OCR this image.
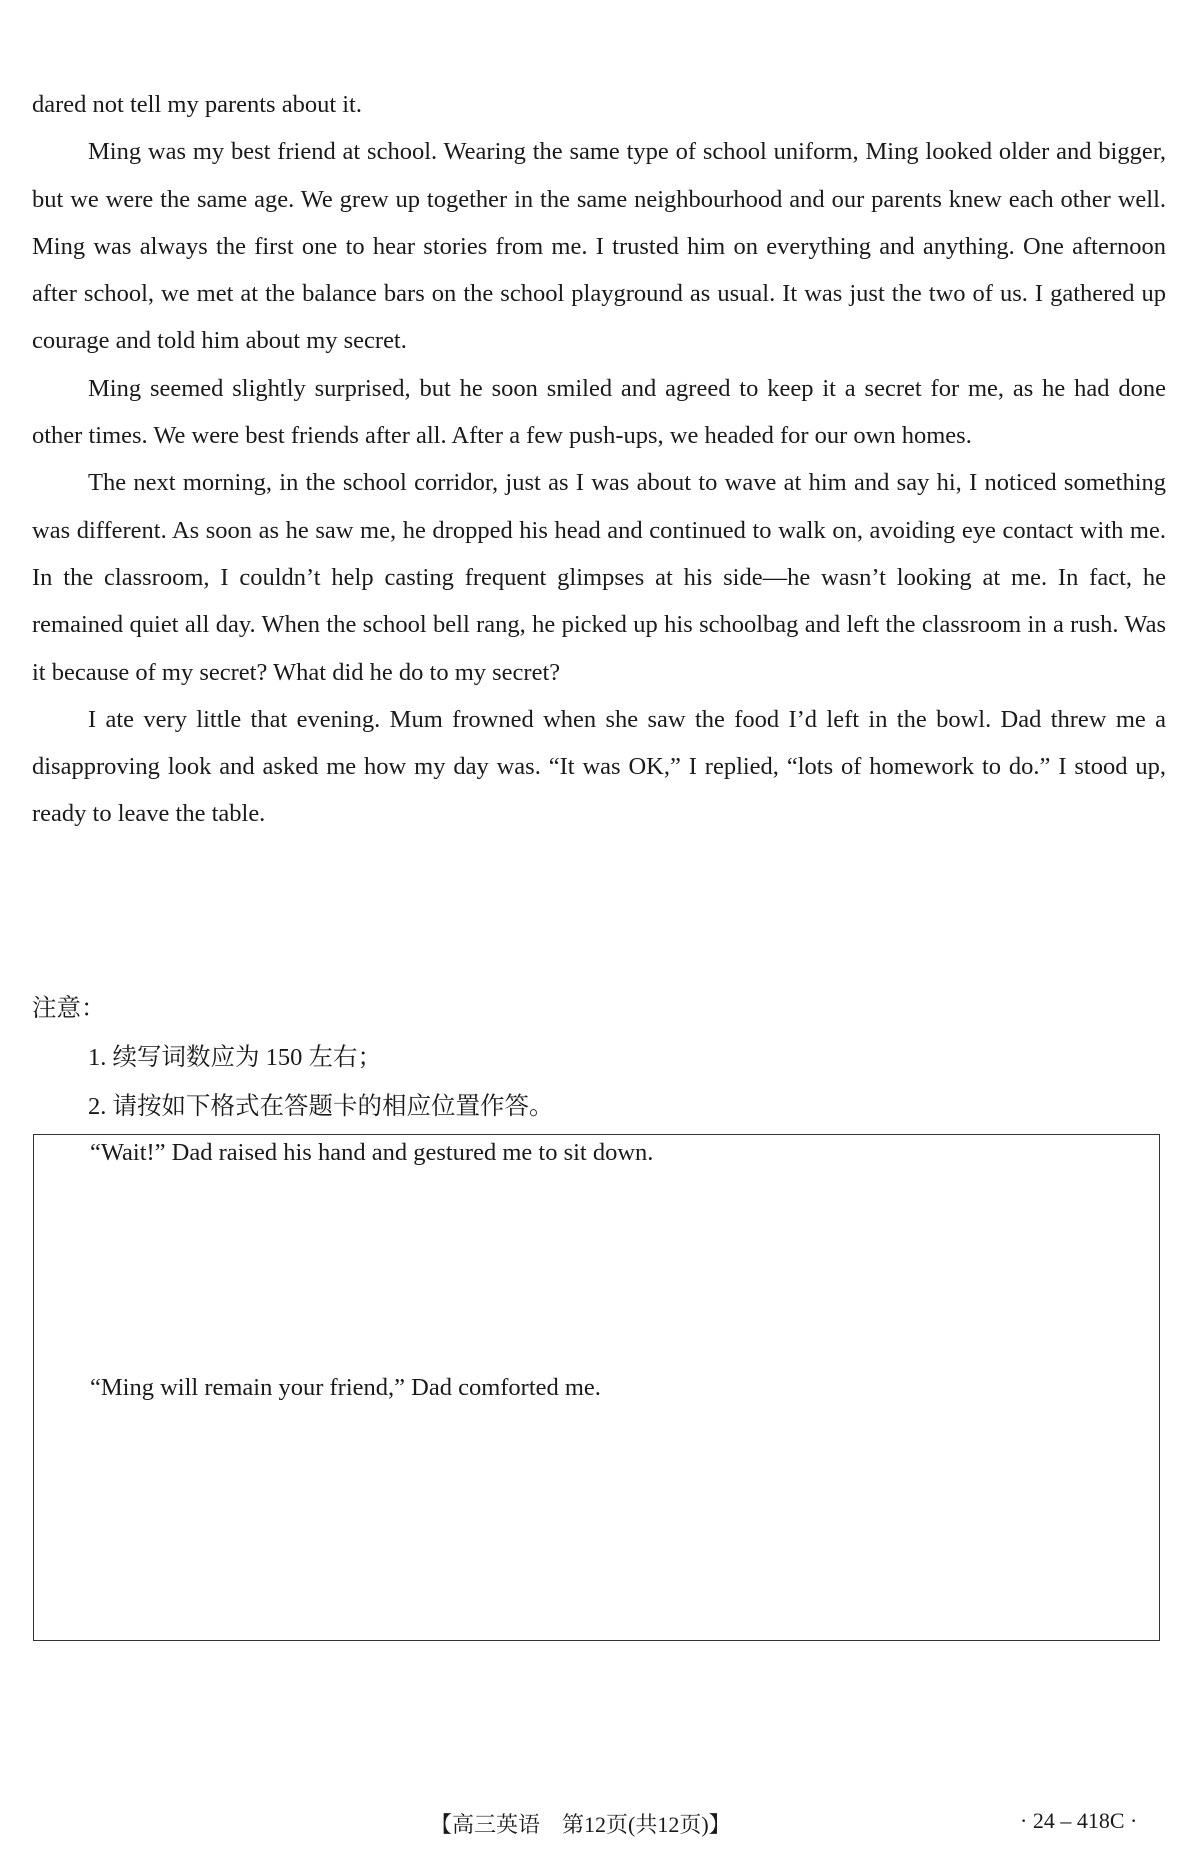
dared not tell my parents about it.

Ming was my best friend at school. Wearing the same type of school uniform, Ming looked older and bigger, but we were the same age. We grew up together in the same neighbourhood and our parents knew each other well. Ming was always the first one to hear stories from me. I trusted him on everything and anything. One afternoon after school, we met at the balance bars on the school playground as usual. It was just the two of us. I gathered up courage and told him about my secret.

Ming seemed slightly surprised, but he soon smiled and agreed to keep it a secret for me, as he had done other times. We were best friends after all. After a few push-ups, we headed for our own homes.

The next morning, in the school corridor, just as I was about to wave at him and say hi, I noticed something was different. As soon as he saw me, he dropped his head and continued to walk on, avoiding eye contact with me. In the classroom, I couldn’t help casting frequent glimpses at his side—he wasn’t looking at me. In fact, he remained quiet all day. When the school bell rang, he picked up his schoolbag and left the classroom in a rush. Was it because of my secret? What did he do to my secret?

I ate very little that evening. Mum frowned when she saw the food I’d left in the bowl. Dad threw me a disapproving look and asked me how my day was. “It was OK,” I replied, “lots of homework to do.” I stood up, ready to leave the table.

注意：
1. 续写词数应为 150 左右；
2. 请按如下格式在答题卡的相应位置作答。
“Wait!” Dad raised his hand and gestured me to sit down.
“Ming will remain your friend,” Dad comforted me.
【高三英语　第12页(共12页)】	· 24 – 418C ·
